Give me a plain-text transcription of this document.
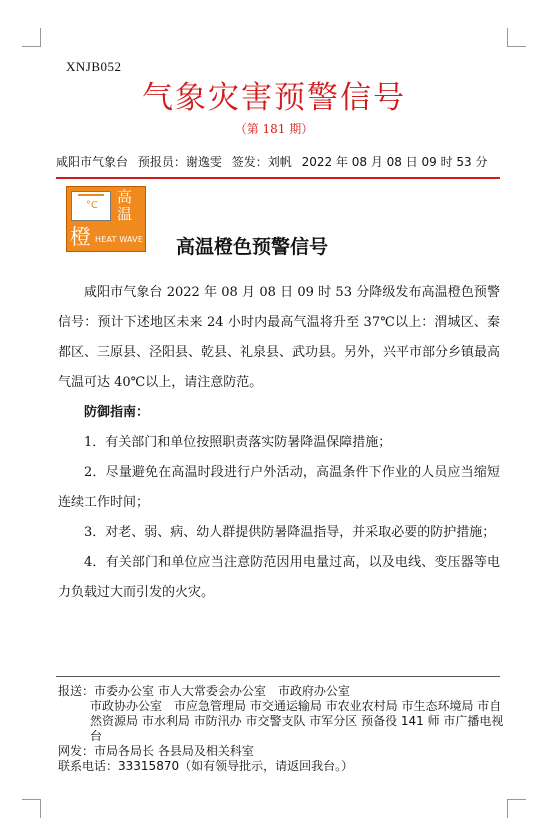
XNJB052
气象灾害预警信号
（第 181 期）
咸阳市气象台 预报员：谢逸雯 签发：刘帆 2022 年 08 月 08 日 09 时 53 分
°C 高
温
橙 HEAT WAVE 高温橙色预警信号

咸阳市气象台 2022 年 08 月 08 日 09 时 53 分降级发布高温橙色预警信号：预计下述地区未来 24 小时内最高气温将升至 37℃以上：渭城区、秦都区、三原县、泾阳县、乾县、礼泉县、武功县。另外，兴平市部分乡镇最高气温可达 40℃以上，请注意防范。

防御指南：

1．有关部门和单位按照职责落实防暑降温保障措施；

2．尽量避免在高温时段进行户外活动，高温条件下作业的人员应当缩短连续工作时间；

3．对老、弱、病、幼人群提供防暑降温指导，并采取必要的防护措施；

4．有关部门和单位应当注意防范因用电量过高，以及电线、变压器等电力负载过大而引发的火灾。

报送： 市委办公室 市人大常委会办公室　市政府办公室
市政协办公室　市应急管理局 市交通运输局 市农业农村局 市生态环境局 市自然资源局 市水利局 市防汛办 市交警支队 市军分区 预备役 141 师 市广播电视台
网发： 市局各局长 各县局及相关科室
联系电话： 33315870（如有领导批示，请返回我台。）
